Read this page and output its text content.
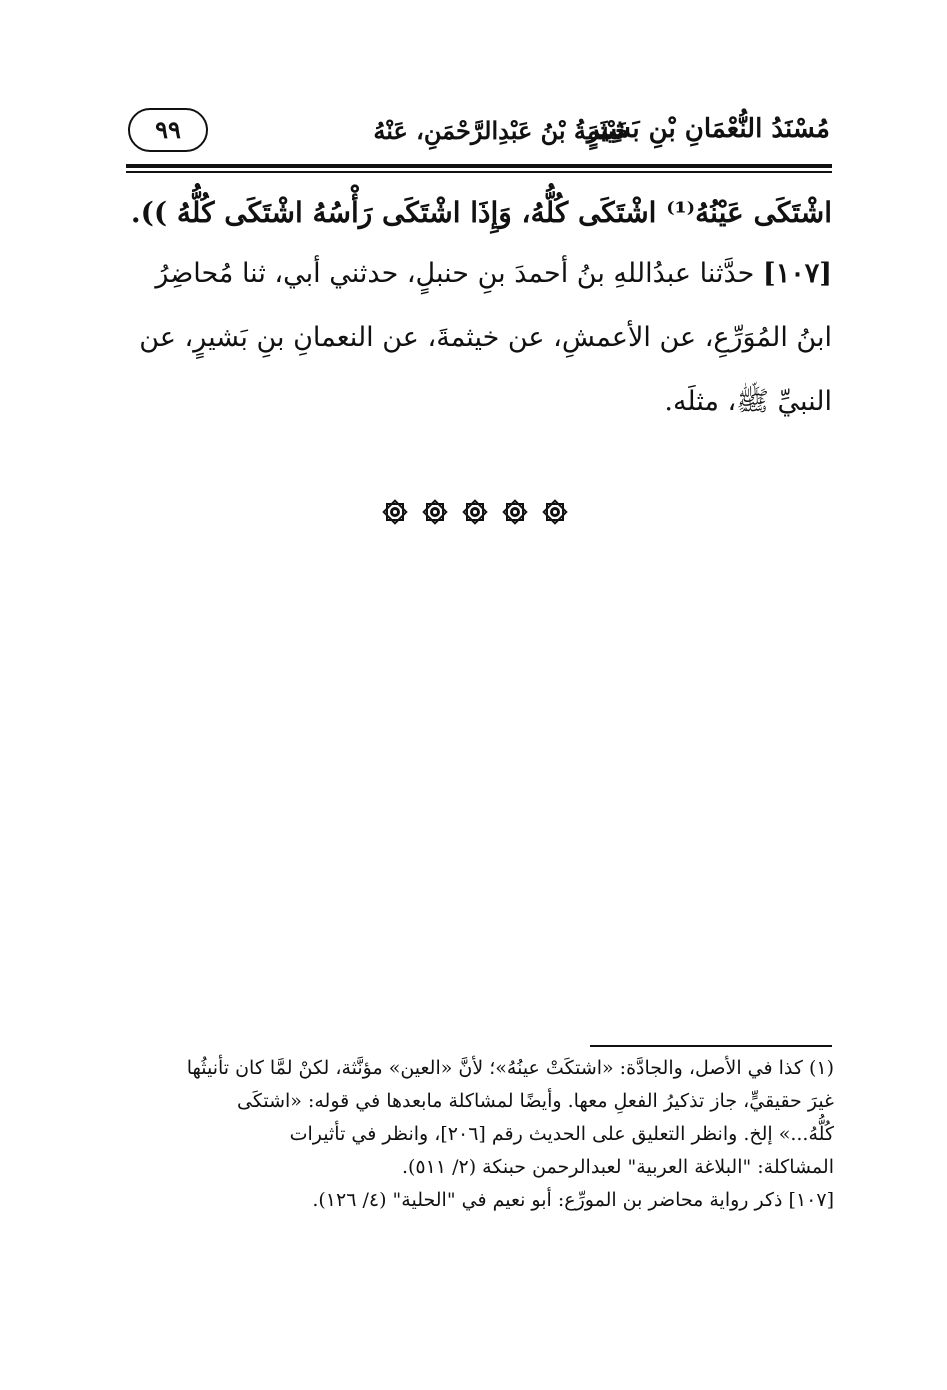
مُسْنَدُ النُّعْمَانِ بْنِ بَشِيرٍ
خَيْثَمَةُ بْنُ عَبْدِالرَّحْمَنِ، عَنْهُ
٩٩
اشْتَكَى عَيْنُهُ⁽¹⁾ اشْتَكَى كُلُّهُ، وَإِذَا اشْتَكَى رَأْسُهُ اشْتَكَى كُلُّهُ )).
[١٠٧] حدَّثنا عبدُاللهِ بنُ أحمدَ بنِ حنبلٍ، حدثني أبي، ثنا مُحاضِرُ
ابنُ المُوَرِّعِ، عن الأعمشِ، عن خيثمةَ، عن النعمانِ بنِ بَشيرٍ، عن
النبيِّ ﷺ، مثلَه.
(١) كذا في الأصل، والجادَّة: «اشتكَتْ عينُهُ»؛ لأنَّ «العين» مؤنَّثة، لكنْ لمَّا كان تأنيثُها
غيرَ حقيقيٍّ، جاز تذكيرُ الفعلِ معها. وأيضًا لمشاكلة مابعدها في قوله: «اشتكَى
كُلُّهُ...» إلخ. وانظر التعليق على الحديث رقم [٢٠٦]، وانظر في تأثيرات
المشاكلة: "البلاغة العربية" لعبدالرحمن حبنكة (٢/ ٥١١).
[١٠٧] ذكر رواية محاضر بن المورِّع: أبو نعيم في "الحلية" (٤/ ١٢٦).
